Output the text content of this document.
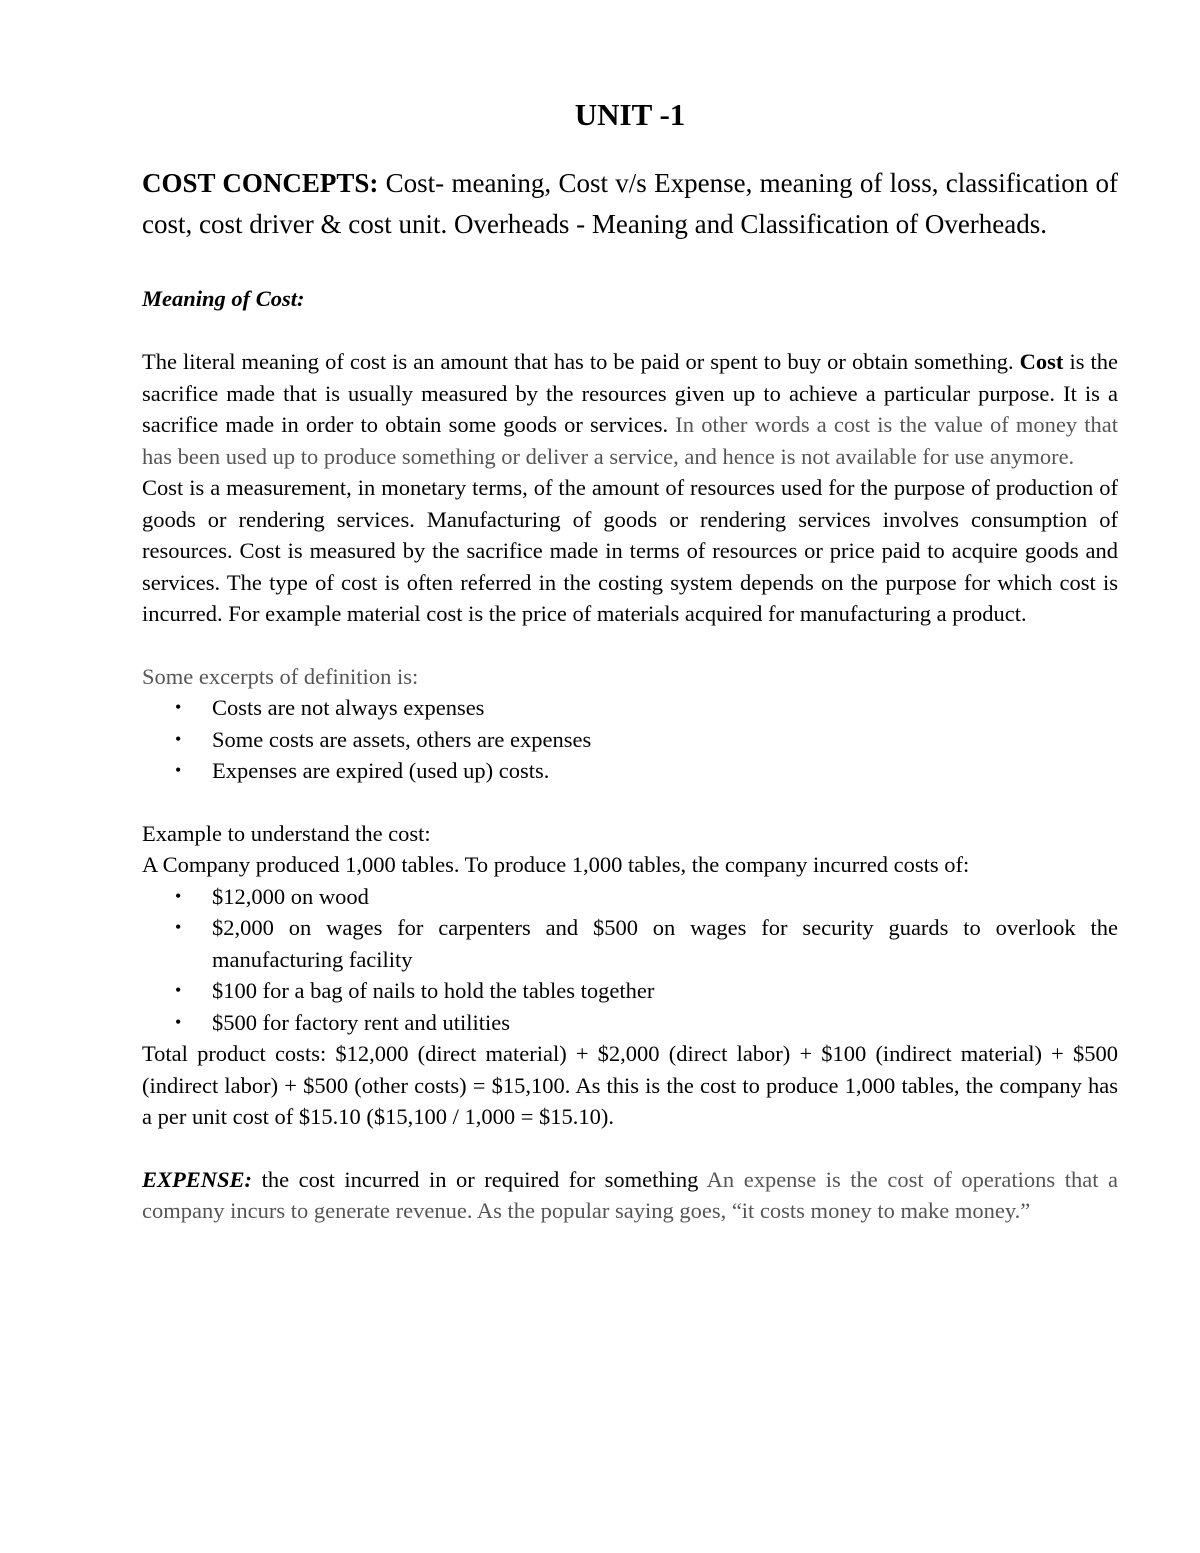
UNIT -1

COST CONCEPTS: Cost- meaning, Cost v/s Expense, meaning of loss, classification of cost, cost driver & cost unit. Overheads - Meaning and Classification of Overheads.

Meaning of Cost:

The literal meaning of cost is an amount that has to be paid or spent to buy or obtain something. Cost is the sacrifice made that is usually measured by the resources given up to achieve a particular purpose. It is a sacrifice made in order to obtain some goods or services. In other words a cost is the value of money that has been used up to produce something or deliver a service, and hence is not available for use anymore.

Cost is a measurement, in monetary terms, of the amount of resources used for the purpose of production of goods or rendering services. Manufacturing of goods or rendering services involves consumption of resources. Cost is measured by the sacrifice made in terms of resources or price paid to acquire goods and services. The type of cost is often referred in the costing system depends on the purpose for which cost is incurred. For example material cost is the price of materials acquired for manufacturing a product.

Some excerpts of definition is:

• Costs are not always expenses
• Some costs are assets, others are expenses
• Expenses are expired (used up) costs.

Example to understand the cost:

A Company produced 1,000 tables. To produce 1,000 tables, the company incurred costs of:

• $12,000 on wood
• $2,000 on wages for carpenters and $500 on wages for security guards to overlook the manufacturing facility
• $100 for a bag of nails to hold the tables together
• $500 for factory rent and utilities

Total product costs: $12,000 (direct material) + $2,000 (direct labor) + $100 (indirect material) + $500 (indirect labor) + $500 (other costs) = $15,100. As this is the cost to produce 1,000 tables, the company has a per unit cost of $15.10 ($15,100 / 1,000 = $15.10).

EXPENSE: the cost incurred in or required for something An expense is the cost of operations that a company incurs to generate revenue. As the popular saying goes, “it costs money to make money.”
